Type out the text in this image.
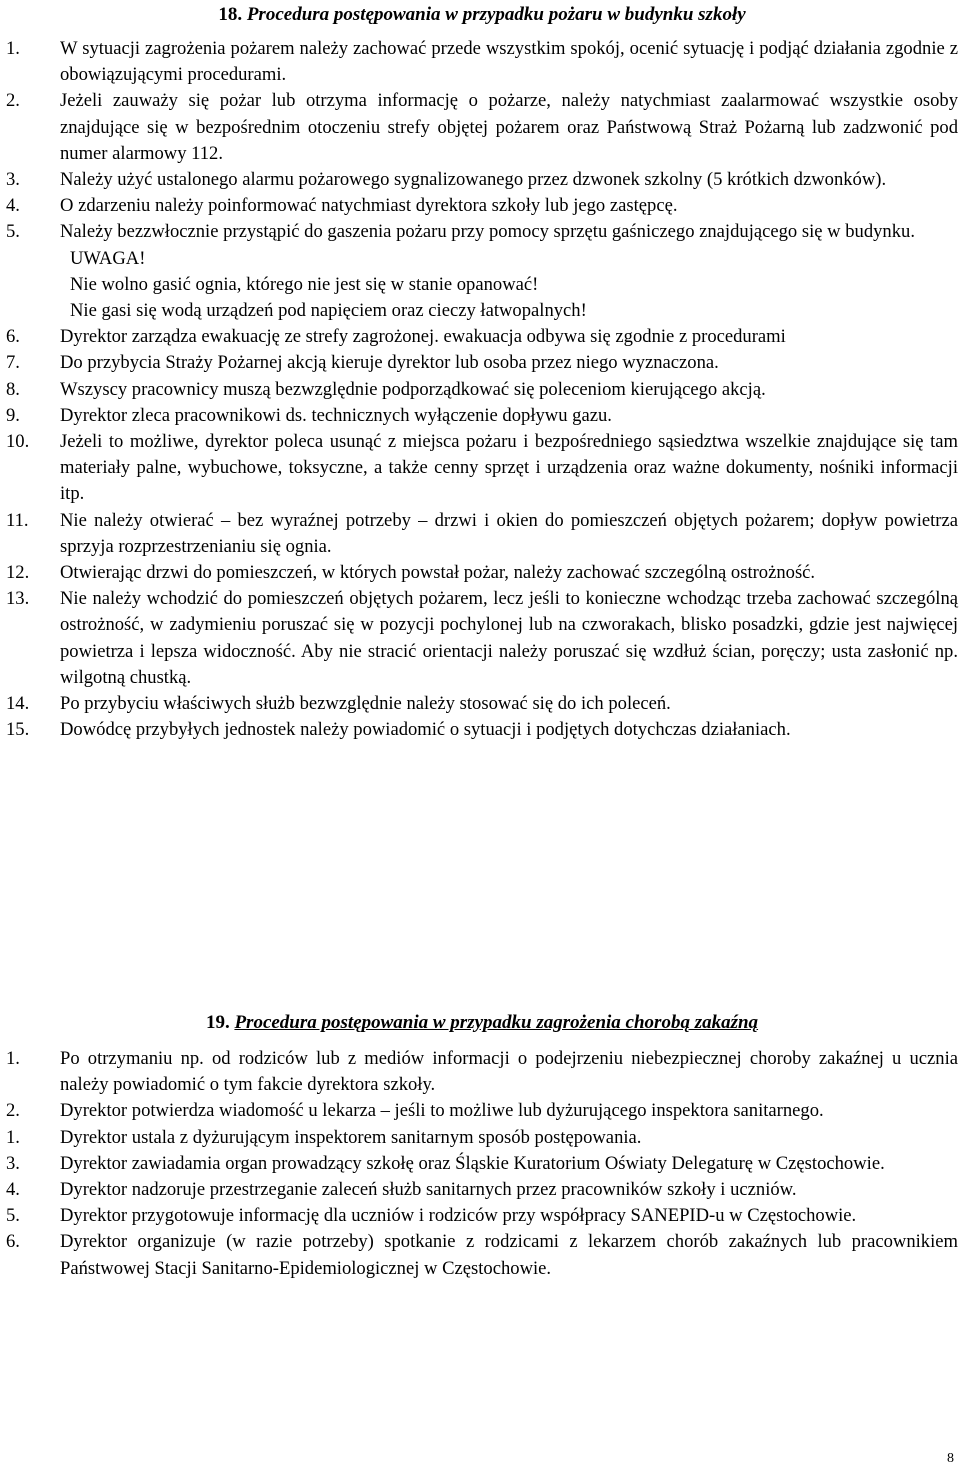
18. Procedura postępowania w przypadku pożaru w budynku szkoły
1. W sytuacji zagrożenia pożarem należy zachować przede wszystkim spokój, ocenić sytuację i podjąć działania zgodnie z obowiązującymi procedurami.
2. Jeżeli zauważy się pożar lub otrzyma informację o pożarze, należy natychmiast zaalarmować wszystkie osoby znajdujące się w bezpośrednim otoczeniu strefy objętej pożarem oraz Państwową Straż Pożarną lub zadzwonić pod numer alarmowy 112.
3. Należy użyć ustalonego alarmu pożarowego sygnalizowanego przez dzwonek szkolny (5 krótkich dzwonków).
4. O zdarzeniu należy poinformować natychmiast dyrektora szkoły lub jego zastępcę.
5. Należy bezzwłocznie przystąpić do gaszenia pożaru przy pomocy sprzętu gaśniczego znajdującego się w budynku.
UWAGA!
Nie wolno gasić ognia, którego nie jest się w stanie opanować!
Nie gasi się wodą urządzeń pod napięciem oraz cieczy łatwopalnych!
6. Dyrektor zarządza ewakuację ze strefy zagrożonej. ewakuacja odbywa się zgodnie z procedurami
7. Do przybycia Straży Pożarnej akcją kieruje dyrektor lub osoba przez niego wyznaczona.
8. Wszyscy pracownicy muszą bezwzględnie podporządkować się poleceniom kierującego akcją.
9. Dyrektor zleca pracownikowi ds. technicznych wyłączenie dopływu gazu.
10. Jeżeli to możliwe, dyrektor poleca usunąć z miejsca pożaru i bezpośredniego sąsiedztwa wszelkie znajdujące się tam materiały palne, wybuchowe, toksyczne, a także cenny sprzęt i urządzenia oraz ważne dokumenty, nośniki informacji itp.
11. Nie należy otwierać – bez wyraźnej potrzeby – drzwi i okien do pomieszczeń objętych pożarem; dopływ powietrza sprzyja rozprzestrzenianiu się ognia.
12. Otwierając drzwi do pomieszczeń, w których powstał pożar, należy zachować szczególną ostrożność.
13. Nie należy wchodzić do pomieszczeń objętych pożarem, lecz jeśli to konieczne wchodząc trzeba zachować szczególną ostrożność, w zadymieniu poruszać się w pozycji pochylonej lub na czworakach, blisko posadzki, gdzie jest najwięcej powietrza i lepsza widoczność. Aby nie stracić orientacji należy poruszać się wzdłuż ścian, poręczy; usta zasłonić np. wilgotną chustką.
14. Po przybyciu właściwych służb bezwzględnie należy stosować się do ich poleceń.
15. Dowódcę przybyłych jednostek należy powiadomić o sytuacji i podjętych dotychczas działaniach.
19. Procedura postępowania w przypadku zagrożenia chorobą zakaźną
1. Po otrzymaniu np. od rodziców lub z mediów informacji o podejrzeniu niebezpiecznej choroby zakaźnej u ucznia należy powiadomić o tym fakcie dyrektora szkoły.
2. Dyrektor potwierdza wiadomość u lekarza – jeśli to możliwe lub dyżurującego inspektora sanitarnego.
1. Dyrektor ustala z dyżurującym inspektorem sanitarnym sposób postępowania.
3. Dyrektor zawiadamia organ prowadzący szkołę oraz Śląskie Kuratorium Oświaty Delegaturę w Częstochowie.
4. Dyrektor nadzoruje przestrzeganie zaleceń służb sanitarnych przez pracowników szkoły i uczniów.
5. Dyrektor przygotowuje informację dla uczniów i rodziców przy współpracy SANEPID-u w Częstochowie.
6. Dyrektor organizuje (w razie potrzeby) spotkanie z rodzicami z lekarzem chorób zakaźnych lub pracownikiem Państwowej Stacji Sanitarno-Epidemiologicznej w Częstochowie.
8
